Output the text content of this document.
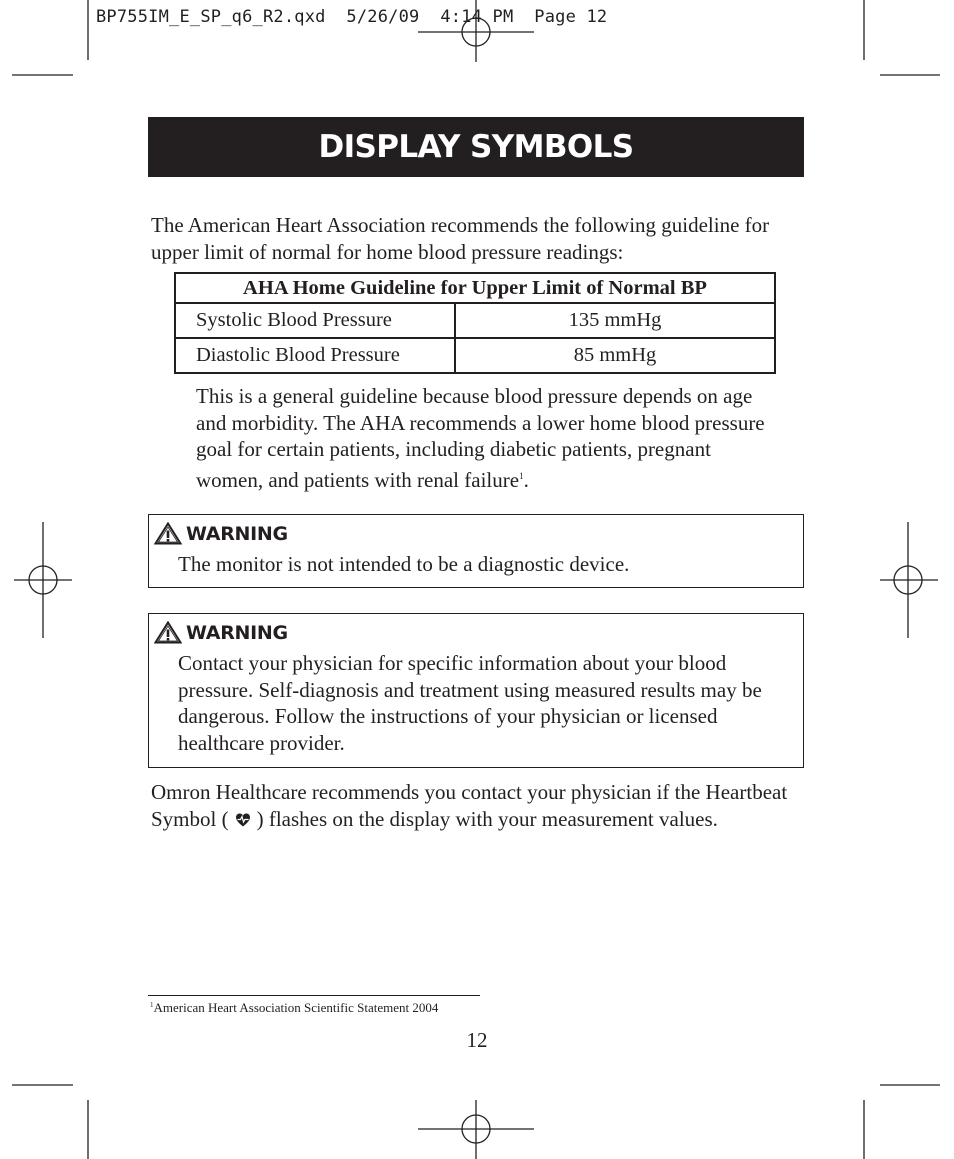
BP755IM_E_SP_q6_R2.qxd  5/26/09  4:14 PM  Page 12
DISPLAY SYMBOLS
The American Heart Association recommends the following guideline for upper limit of normal for home blood pressure readings:
AHA Home Guideline for Upper Limit of Normal BP	
Systolic Blood Pressure	135 mmHg
Diastolic Blood Pressure	85 mmHg
This is a general guideline because blood pressure depends on age and morbidity. The AHA recommends a lower home blood pressure goal for certain patients, including diabetic patients, pregnant women, and patients with renal failure$^1$.
WARNING
The monitor is not intended to be a diagnostic device.
WARNING
Contact your physician for specific information about your blood pressure. Self-diagnosis and treatment using measured results may be dangerous. Follow the instructions of your physician or licensed healthcare provider.
Omron Healthcare recommends you contact your physician if the Heartbeat Symbol ( ) flashes on the display with your measurement values.
$^1$American Heart Association Scientific Statement 2004
12
